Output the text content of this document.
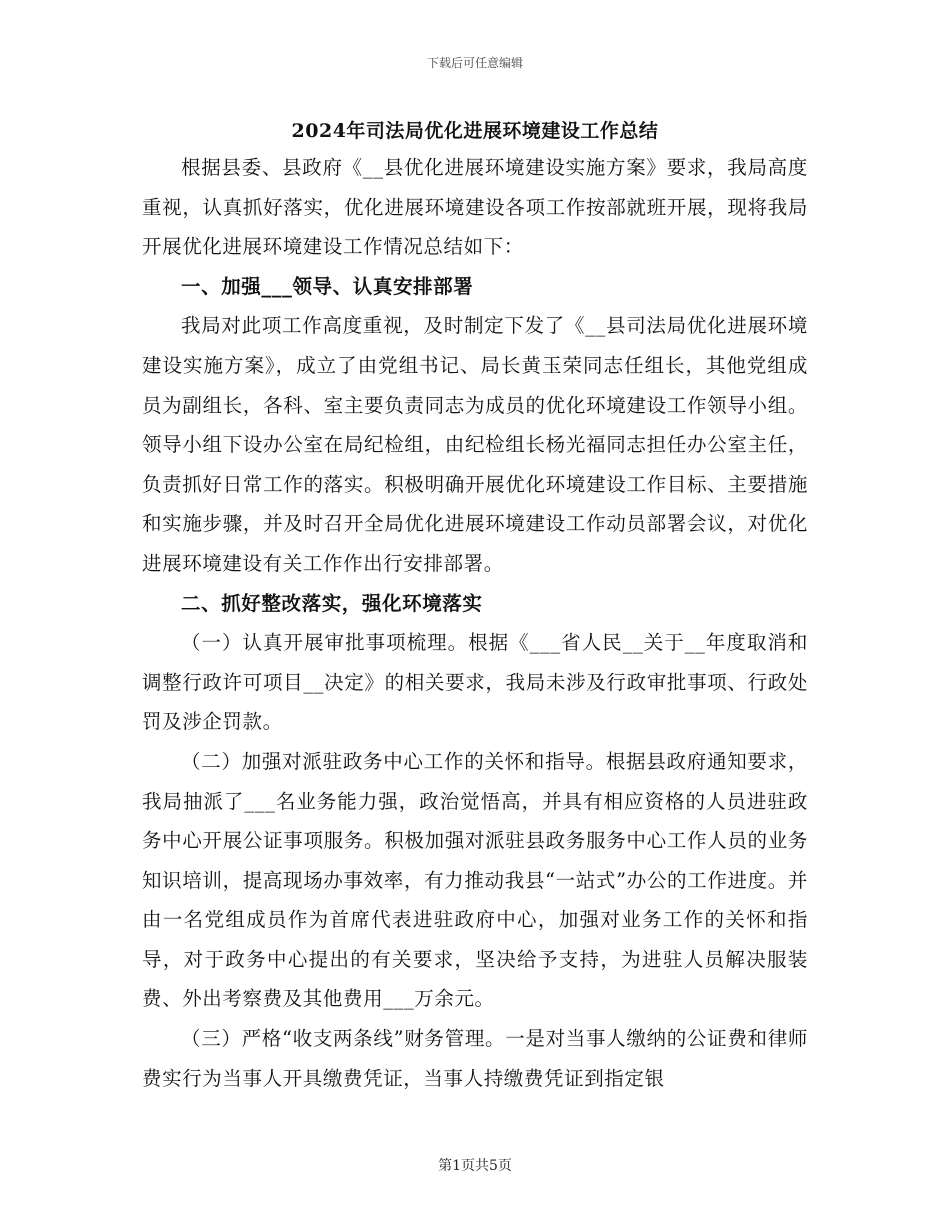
下载后可任意编辑
2024年司法局优化进展环境建设工作总结

根据县委、县政府《__县优化进展环境建设实施方案》要求，我局高度重视，认真抓好落实，优化进展环境建设各项工作按部就班开展，现将我局开展优化进展环境建设工作情况总结如下：

一、加强___领导、认真安排部署

我局对此项工作高度重视，及时制定下发了《__县司法局优化进展环境建设实施方案》，成立了由党组书记、局长黄玉荣同志任组长，其他党组成员为副组长，各科、室主要负责同志为成员的优化环境建设工作领导小组。领导小组下设办公室在局纪检组，由纪检组长杨光福同志担任办公室主任，负责抓好日常工作的落实。积极明确开展优化环境建设工作目标、主要措施和实施步骤，并及时召开全局优化进展环境建设工作动员部署会议，对优化进展环境建设有关工作作出行安排部署。

二、抓好整改落实，强化环境落实

（一）认真开展审批事项梳理。根据《___省人民__关于__年度取消和调整行政许可项目__决定》的相关要求，我局未涉及行政审批事项、行政处罚及涉企罚款。

（二）加强对派驻政务中心工作的关怀和指导。根据县政府通知要求，我局抽派了___名业务能力强，政治觉悟高，并具有相应资格的人员进驻政务中心开展公证事项服务。积极加强对派驻县政务服务中心工作人员的业务知识培训，提高现场办事效率，有力推动我县“一站式”办公的工作进度。并由一名党组成员作为首席代表进驻政府中心，加强对业务工作的关怀和指导，对于政务中心提出的有关要求，坚决给予支持，为进驻人员解决服装费、外出考察费及其他费用___万余元。

（三）严格“收支两条线”财务管理。一是对当事人缴纳的公证费和律师费实行为当事人开具缴费凭证，当事人持缴费凭证到指定银

第1页共5页
